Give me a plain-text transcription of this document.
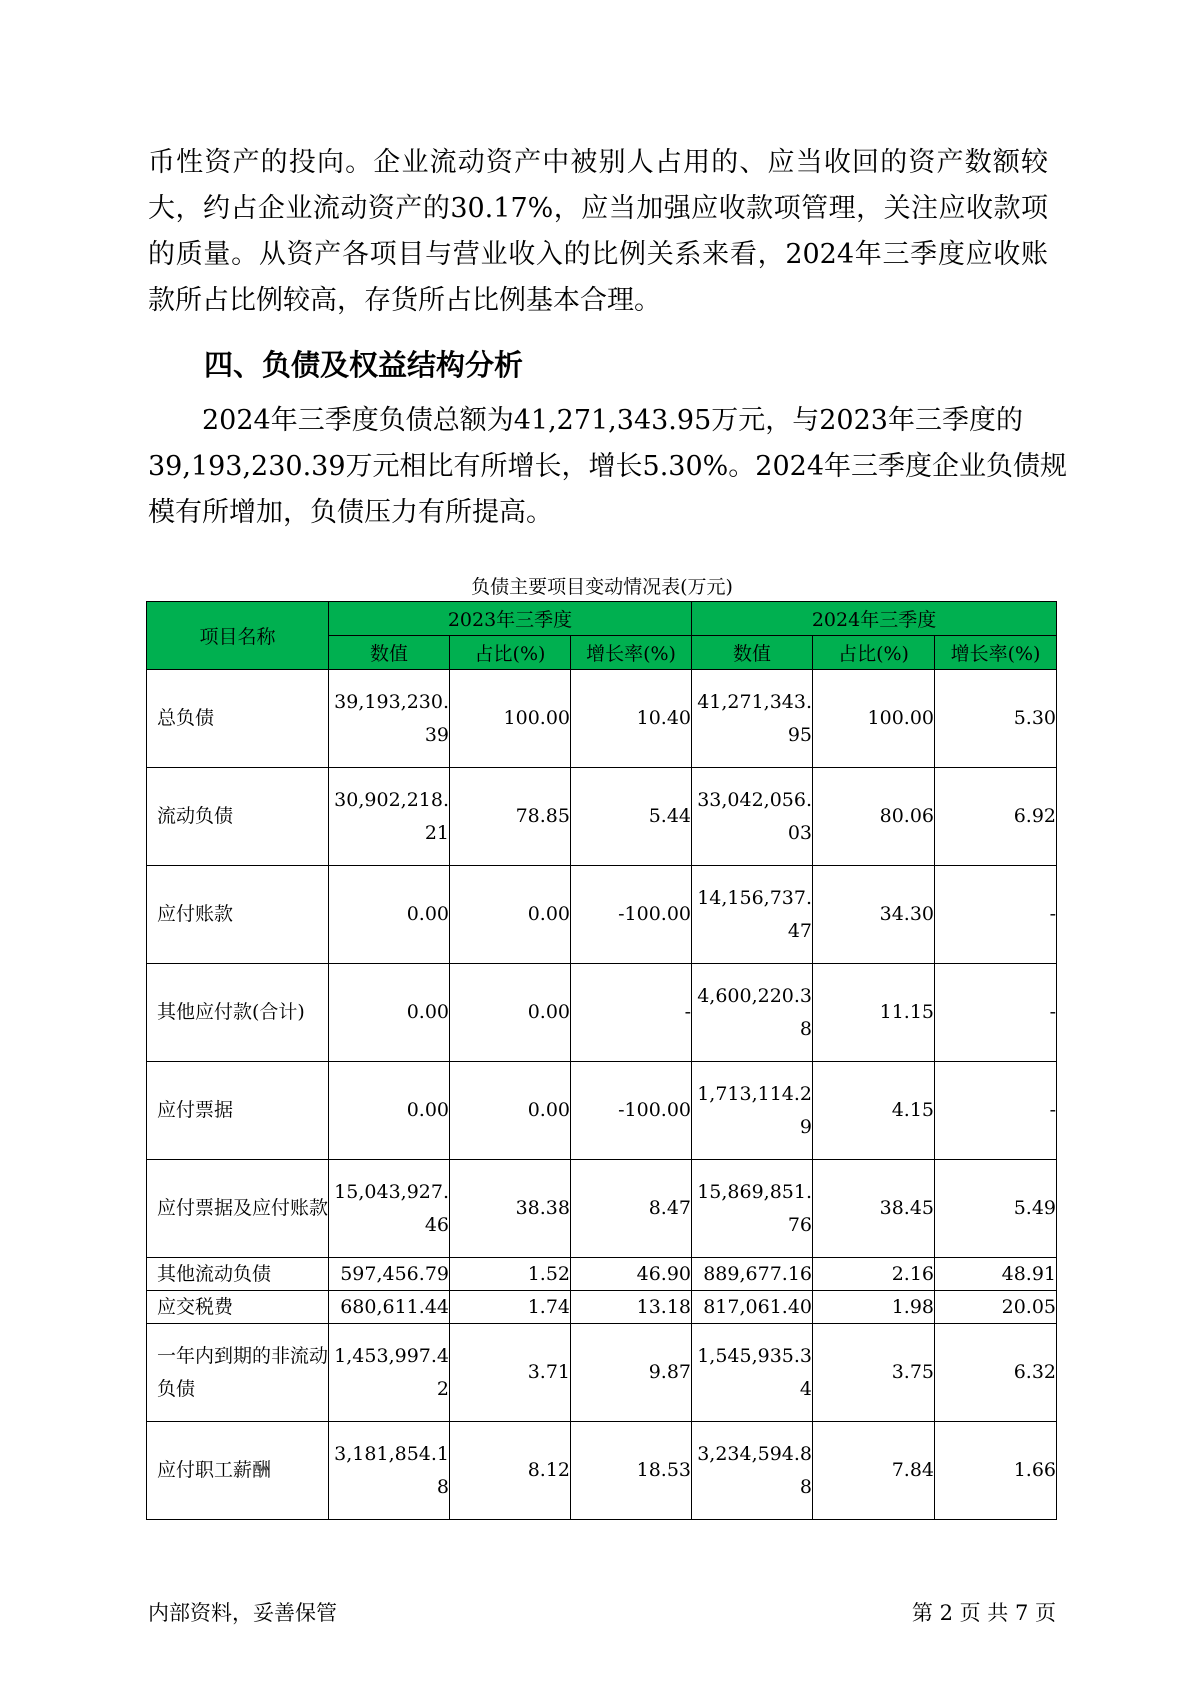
币性资产的投向。企业流动资产中被别人占用的、应当收回的资产数额较
大，约占企业流动资产的30.17%，应当加强应收款项管理，关注应收款项
的质量。从资产各项目与营业收入的比例关系来看，2024年三季度应收账
款所占比例较高，存货所占比例基本合理。
四、负债及权益结构分析
2024年三季度负债总额为41,271,343.95万元，与2023年三季度的
39,193,230.39万元相比有所增长，增长5.30%。2024年三季度企业负债规
模有所增加，负债压力有所提高。
负债主要项目变动情况表(万元)
项目名称	2023年三季度			2024年三季度		
	数值	占比(%)	增长率(%)	数值	占比(%)	增长率(%)
总负债	39,193,230.39	100.00	10.40	41,271,343.95	100.00	5.30
流动负债	30,902,218.21	78.85	5.44	33,042,056.03	80.06	6.92
应付账款	0.00	0.00	-100.00	14,156,737.47	34.30	-
其他应付款(合计)	0.00	0.00	-	4,600,220.38	11.15	-
应付票据	0.00	0.00	-100.00	1,713,114.29	4.15	-
应付票据及应付账款	15,043,927.46	38.38	8.47	15,869,851.76	38.45	5.49
其他流动负债	597,456.79	1.52	46.90	889,677.16	2.16	48.91
应交税费	680,611.44	1.74	13.18	817,061.40	1.98	20.05
一年内到期的非流动负债	1,453,997.42	3.71	9.87	1,545,935.34	3.75	6.32
应付职工薪酬	3,181,854.18	8.12	18.53	3,234,594.88	7.84	1.66
内部资料，妥善保管	第 2 页 共 7 页
